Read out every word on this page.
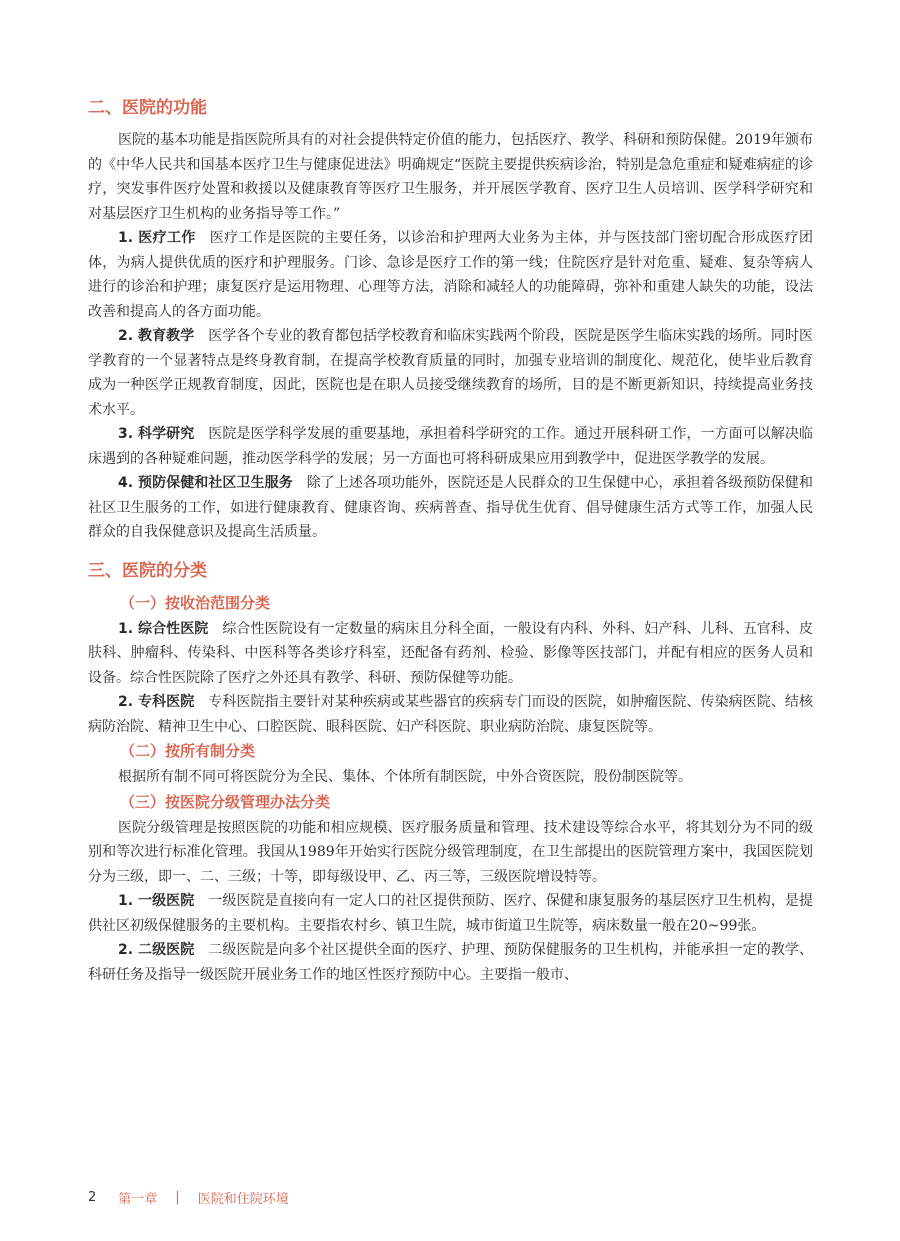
二、医院的功能

医院的基本功能是指医院所具有的对社会提供特定价值的能力，包括医疗、教学、科研和预防保健。2019年颁布的《中华人民共和国基本医疗卫生与健康促进法》明确规定“医院主要提供疾病诊治，特别是急危重症和疑难病症的诊疗，突发事件医疗处置和救援以及健康教育等医疗卫生服务，并开展医学教育、医疗卫生人员培训、医学科学研究和对基层医疗卫生机构的业务指导等工作。”

1. 医疗工作 医疗工作是医院的主要任务，以诊治和护理两大业务为主体，并与医技部门密切配合形成医疗团体，为病人提供优质的医疗和护理服务。门诊、急诊是医疗工作的第一线；住院医疗是针对危重、疑难、复杂等病人进行的诊治和护理；康复医疗是运用物理、心理等方法，消除和减轻人的功能障碍，弥补和重建人缺失的功能，设法改善和提高人的各方面功能。

2. 教育教学 医学各个专业的教育都包括学校教育和临床实践两个阶段，医院是医学生临床实践的场所。同时医学教育的一个显著特点是终身教育制，在提高学校教育质量的同时，加强专业培训的制度化、规范化，使毕业后教育成为一种医学正规教育制度，因此，医院也是在职人员接受继续教育的场所，目的是不断更新知识，持续提高业务技术水平。

3. 科学研究 医院是医学科学发展的重要基地，承担着科学研究的工作。通过开展科研工作，一方面可以解决临床遇到的各种疑难问题，推动医学科学的发展；另一方面也可将科研成果应用到教学中，促进医学教学的发展。

4. 预防保健和社区卫生服务 除了上述各项功能外，医院还是人民群众的卫生保健中心，承担着各级预防保健和社区卫生服务的工作，如进行健康教育、健康咨询、疾病普查、指导优生优育、倡导健康生活方式等工作，加强人民群众的自我保健意识及提高生活质量。

三、医院的分类
（一）按收治范围分类

1. 综合性医院 综合性医院设有一定数量的病床且分科全面，一般设有内科、外科、妇产科、儿科、五官科、皮肤科、肿瘤科、传染科、中医科等各类诊疗科室，还配备有药剂、检验、影像等医技部门，并配有相应的医务人员和设备。综合性医院除了医疗之外还具有教学、科研、预防保健等功能。

2. 专科医院 专科医院指主要针对某种疾病或某些器官的疾病专门而设的医院，如肿瘤医院、传染病医院、结核病防治院、精神卫生中心、口腔医院、眼科医院、妇产科医院、职业病防治院、康复医院等。

（二）按所有制分类

根据所有制不同可将医院分为全民、集体、个体所有制医院，中外合资医院，股份制医院等。

（三）按医院分级管理办法分类

医院分级管理是按照医院的功能和相应规模、医疗服务质量和管理、技术建设等综合水平，将其划分为不同的级别和等次进行标准化管理。我国从1989年开始实行医院分级管理制度，在卫生部提出的医院管理方案中，我国医院划分为三级，即一、二、三级；十等，即每级设甲、乙、丙三等，三级医院增设特等。

1. 一级医院 一级医院是直接向有一定人口的社区提供预防、医疗、保健和康复服务的基层医疗卫生机构，是提供社区初级保健服务的主要机构。主要指农村乡、镇卫生院，城市街道卫生院等，病床数量一般在20~99张。

2. 二级医院 二级医院是向多个社区提供全面的医疗、护理、预防保健服务的卫生机构，并能承担一定的教学、科研任务及指导一级医院开展业务工作的地区性医疗预防中心。主要指一般市、

2 第一章 | 医院和住院环境
